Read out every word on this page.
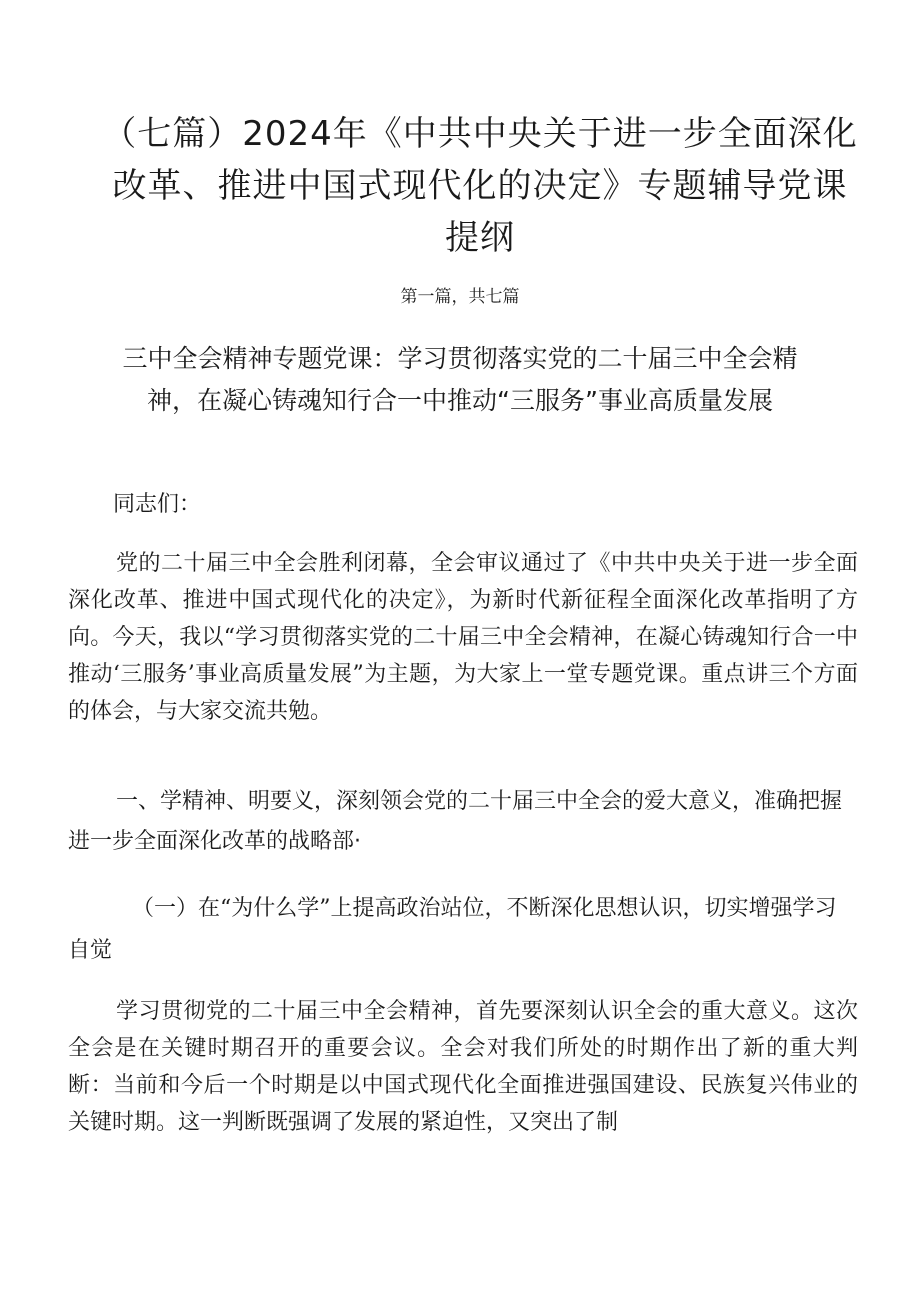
（七篇）2024年《中共中央关于进一步全面深化改革、推进中国式现代化的决定》专题辅导党课提纲
第一篇，共七篇
三中全会精神专题党课：学习贯彻落实党的二十届三中全会精神，在凝心铸魂知行合一中推动“三服务”事业高质量发展
同志们：

党的二十届三中全会胜利闭幕，全会审议通过了《中共中央关于进一步全面深化改革、推进中国式现代化的决定》，为新时代新征程全面深化改革指明了方向。今天，我以“学习贯彻落实党的二十届三中全会精神，在凝心铸魂知行合一中推动‘三服务’事业高质量发展”为主题，为大家上一堂专题党课。重点讲三个方面的体会，与大家交流共勉。

一、学精神、明要义，深刻领会党的二十届三中全会的爱大意义，准确把握进一步全面深化改革的战略部·

（一）在“为什么学”上提高政治站位，不断深化思想认识，切实增强学习自觉

学习贯彻党的二十届三中全会精神，首先要深刻认识全会的重大意义。这次全会是在关键时期召开的重要会议。全会对我们所处的时期作出了新的重大判断：当前和今后一个时期是以中国式现代化全面推进强国建设、民族复兴伟业的关键时期。这一判断既强调了发展的紧迫性，又突出了制
